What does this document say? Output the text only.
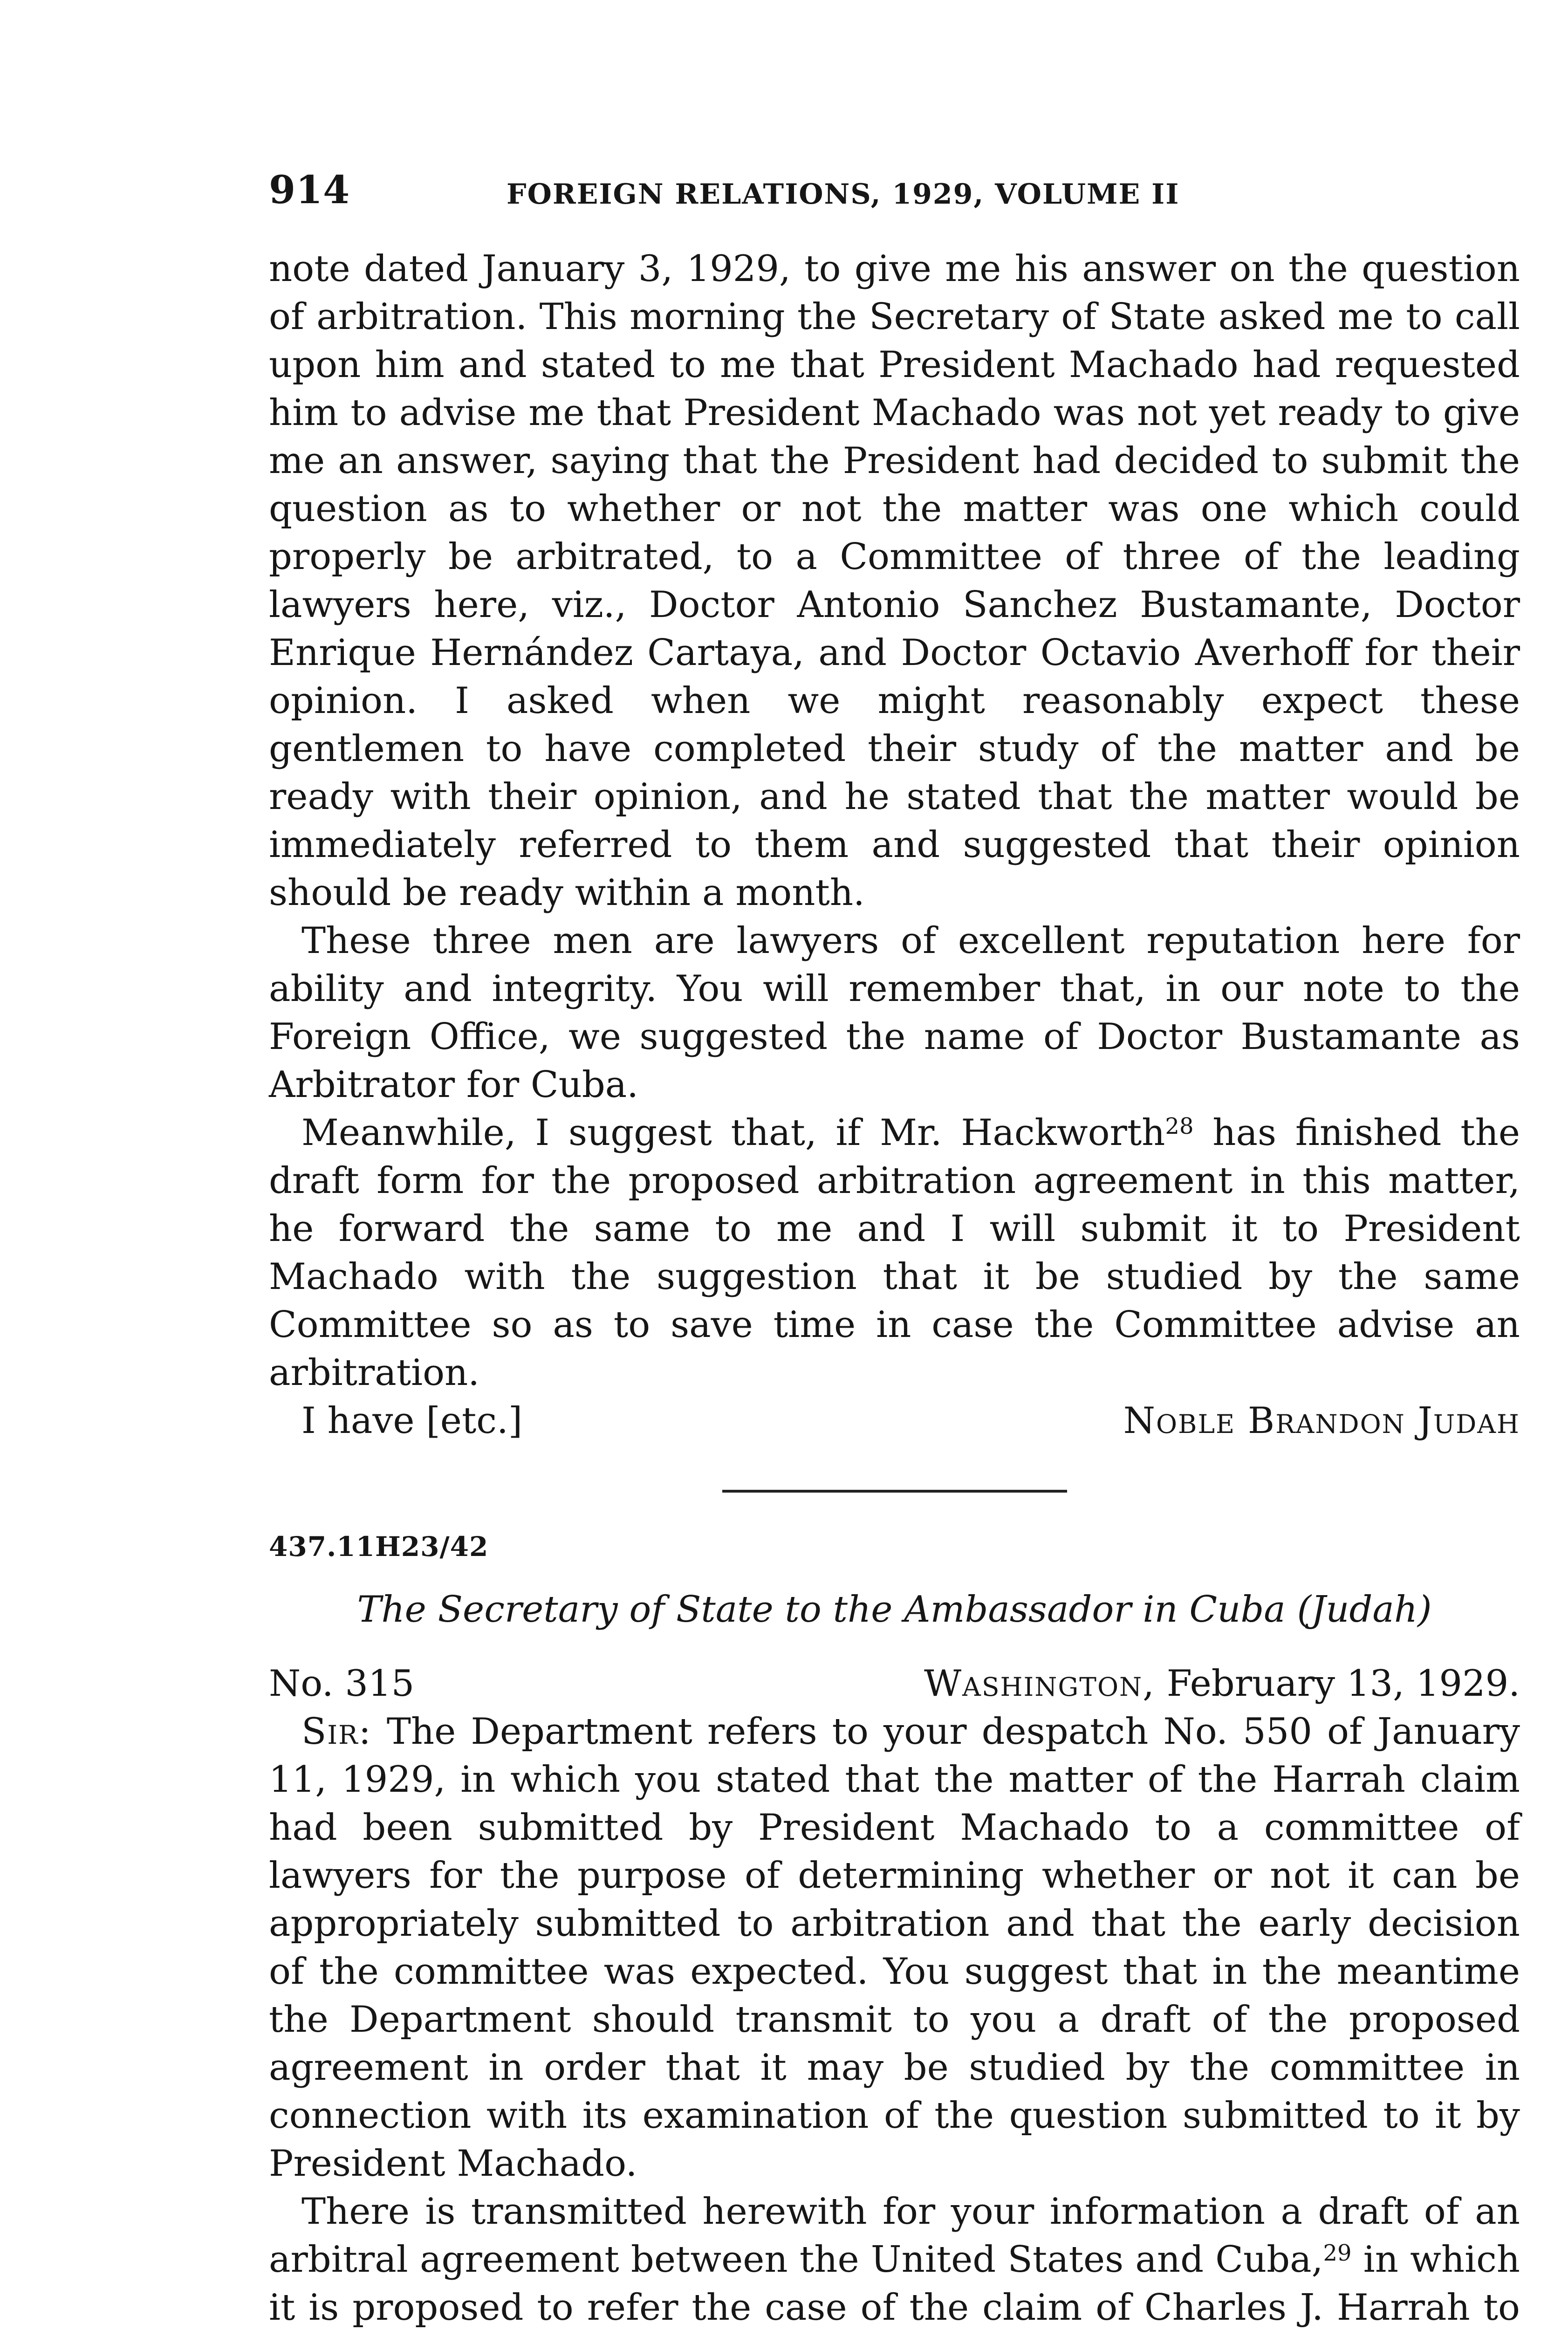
914	FOREIGN RELATIONS, 1929, VOLUME II

note dated January 3, 1929, to give me his answer on the question of arbitration. This morning the Secretary of State asked me to call upon him and stated to me that President Machado had requested him to advise me that President Machado was not yet ready to give me an answer, saying that the President had decided to submit the question as to whether or not the matter was one which could properly be arbitrated, to a Committee of three of the leading lawyers here, viz., Doctor Antonio Sanchez Bustamante, Doctor Enrique Hernández Cartaya, and Doctor Octavio Averhoff for their opinion. I asked when we might reasonably expect these gentlemen to have completed their study of the matter and be ready with their opinion, and he stated that the matter would be immediately referred to them and suggested that their opinion should be ready within a month.

These three men are lawyers of excellent reputation here for ability and integrity. You will remember that, in our note to the Foreign Office, we suggested the name of Doctor Bustamante as Arbitrator for Cuba.

Meanwhile, I suggest that, if Mr. Hackworth$^{28}$ has finished the draft form for the proposed arbitration agreement in this matter, he forward the same to me and I will submit it to President Machado with the suggestion that it be studied by the same Committee so as to save time in case the Committee advise an arbitration.

I have [etc.]	Noble Brandon Judah
437.11H23/42
The Secretary of State to the Ambassador in Cuba (Judah)
No. 315	Washington, February 13, 1929.

Sir: The Department refers to your despatch No. 550 of January 11, 1929, in which you stated that the matter of the Harrah claim had been submitted by President Machado to a committee of lawyers for the purpose of determining whether or not it can be appropriately submitted to arbitration and that the early decision of the committee was expected. You suggest that in the meantime the Department should transmit to you a draft of the proposed agreement in order that it may be studied by the committee in connection with its examination of the question submitted to it by President Machado.

There is transmitted herewith for your information a draft of an arbitral agreement between the United States and Cuba,$^{29}$ in which it is proposed to refer the case of the claim of Charles J. Harrah to
